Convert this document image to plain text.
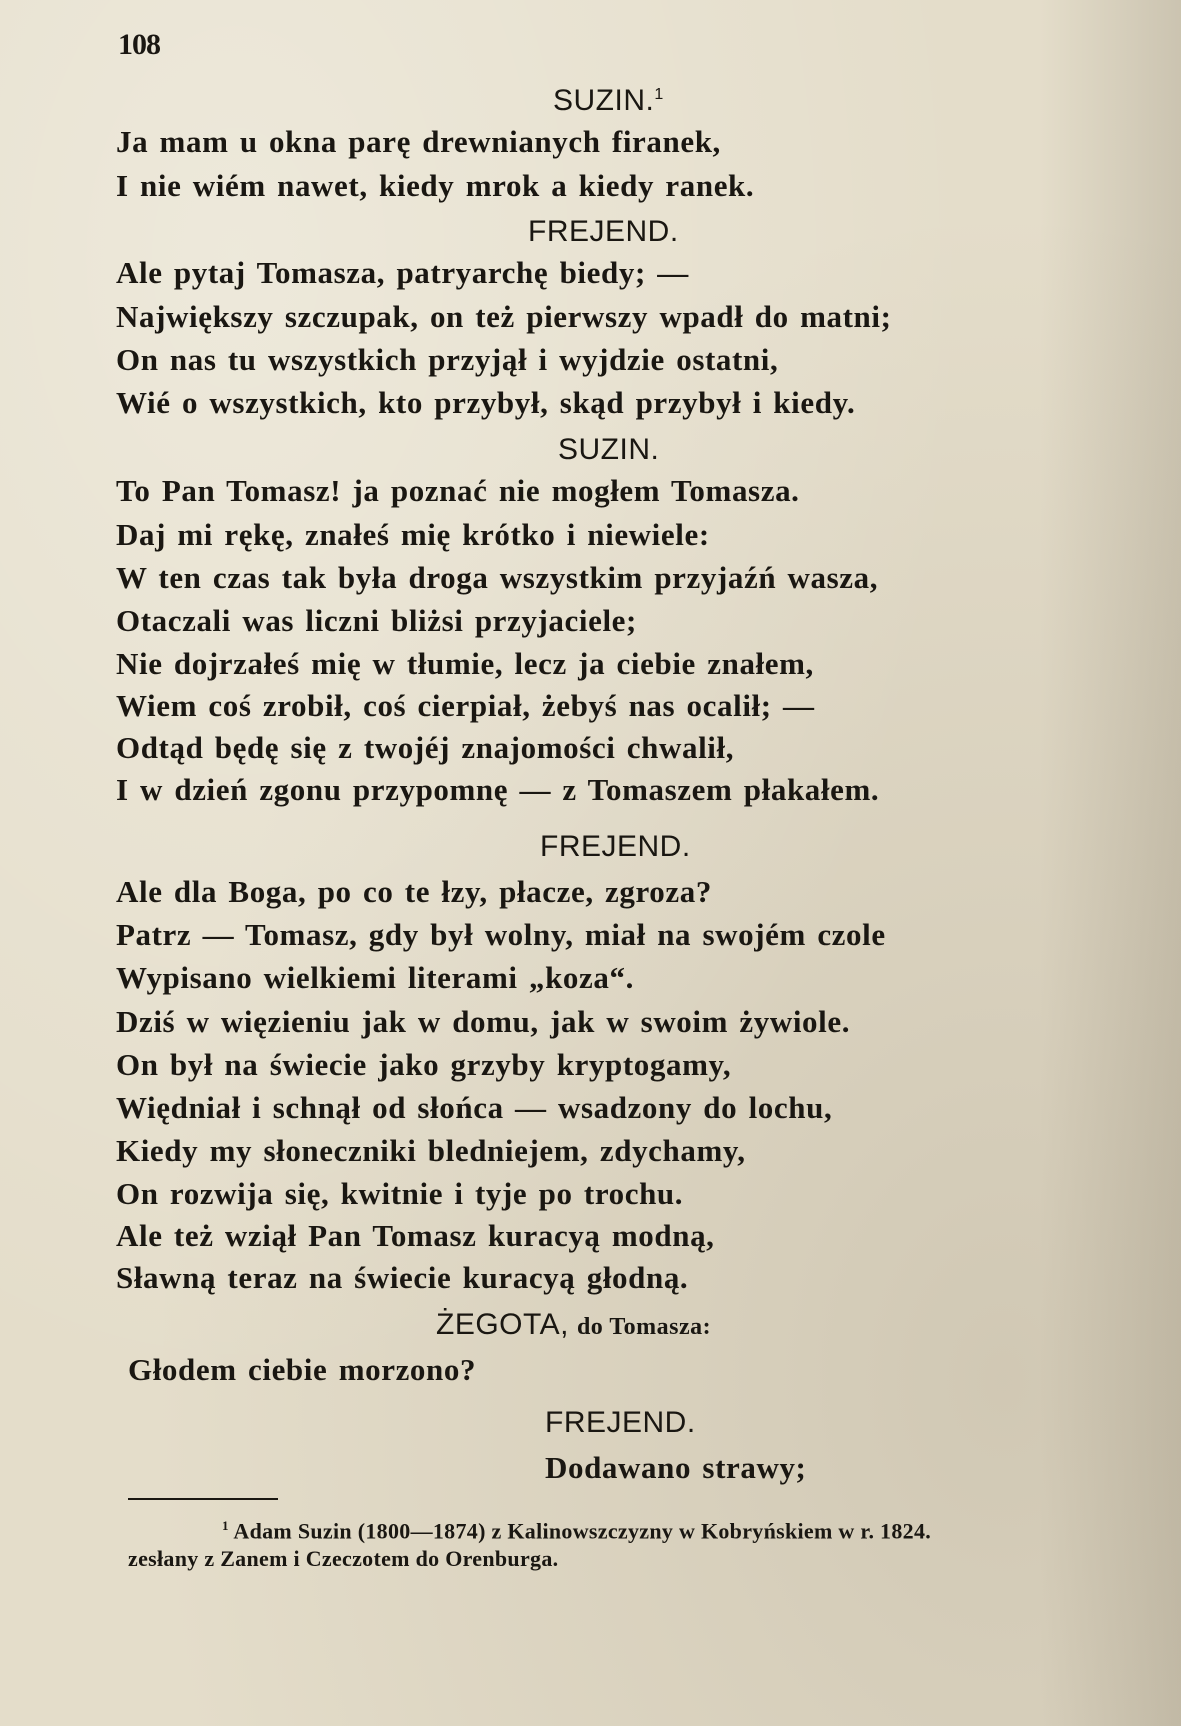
108
SUZIN.$^1$
Ja mam u okna parę drewnianych firanek,
I nie wiém nawet, kiedy mrok a kiedy ranek.
FREJEND.
Ale pytaj Tomasza, patryarchę biedy; —
Największy szczupak, on też pierwszy wpadł do matni;
On nas tu wszystkich przyjął i wyjdzie ostatni,
Wié o wszystkich, kto przybył, skąd przybył i kiedy.
SUZIN.
To Pan Tomasz! ja poznać nie mogłem Tomasza.
Daj mi rękę, znałeś mię krótko i niewiele:
W ten czas tak była droga wszystkim przyjaźń wasza,
Otaczali was liczni bliżsi przyjaciele;
Nie dojrzałeś mię w tłumie, lecz ja ciebie znałem,
Wiem coś zrobił, coś cierpiał, żebyś nas ocalił; —
Odtąd będę się z twojéj znajomości chwalił,
I w dzień zgonu przypomnę — z Tomaszem płakałem.
FREJEND.
Ale dla Boga, po co te łzy, płacze, zgroza?
Patrz — Tomasz, gdy był wolny, miał na swojém czole
Wypisano wielkiemi literami „koza“.
Dziś w więzieniu jak w domu, jak w swoim żywiole.
On był na świecie jako grzyby kryptogamy,
Więdniał i schnął od słońca — wsadzony do lochu,
Kiedy my słoneczniki bledniejem, zdychamy,
On rozwija się, kwitnie i tyje po trochu.
Ale też wziął Pan Tomasz kuracyą modną,
Sławną teraz na świecie kuracyą głodną.
ŻEGOTA, do Tomasza:
Głodem ciebie morzono?
FREJEND.
Dodawano strawy;
$^1$ Adam Suzin (1800—1874) z Kalinowszczyzny w Kobryńskiem w r. 1824.
zesłany z Zanem i Czeczotem do Orenburga.
